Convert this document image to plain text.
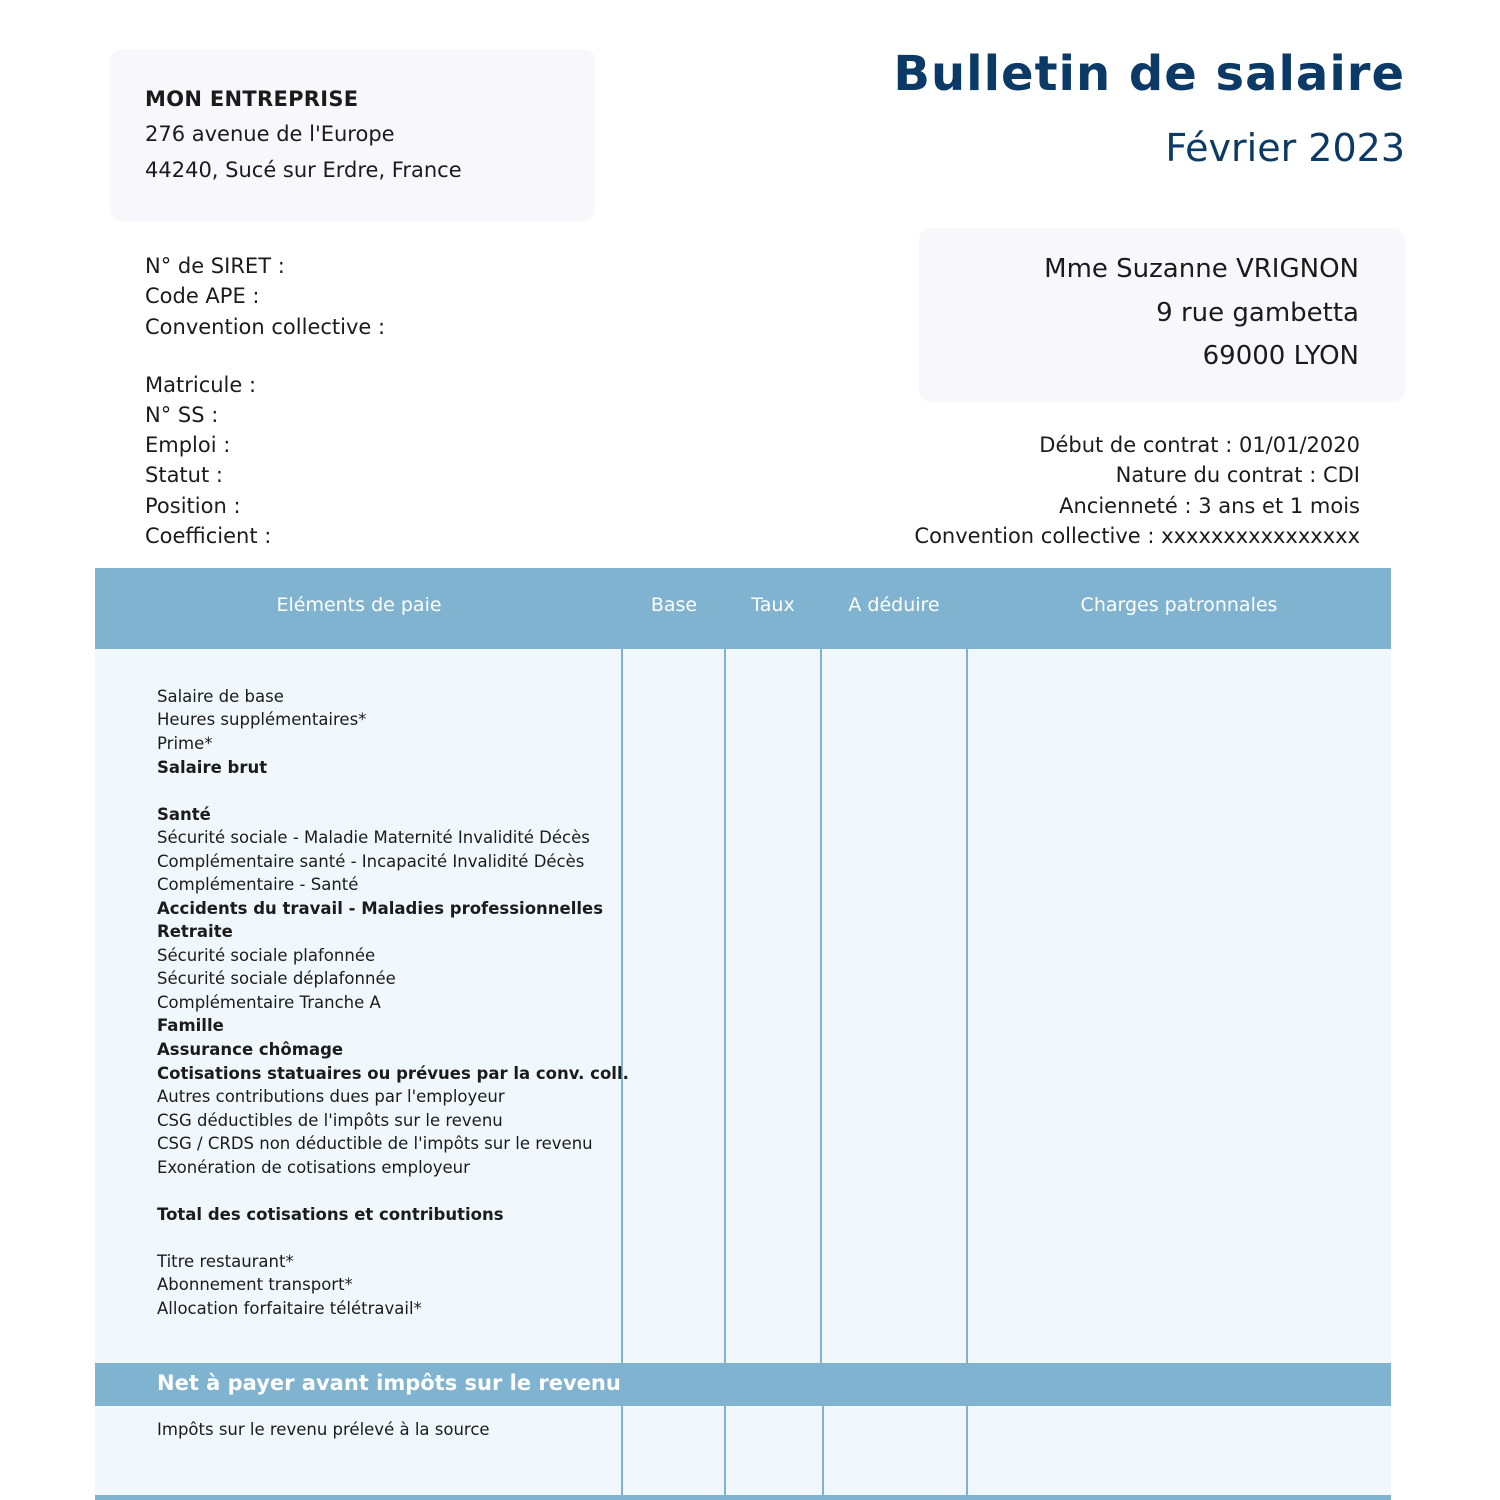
MON ENTREPRISE
276 avenue de l'Europe
44240, Sucé sur Erdre, France
Bulletin de salaire
Février 2023
N° de SIRET :
Code APE :
Convention collective :
Matricule :
N° SS :
Emploi :
Statut :
Position :
Coefficient :
Mme Suzanne VRIGNON
9 rue gambetta
69000 LYON
Début de contrat : 01/01/2020
Nature du contrat : CDI
Ancienneté : 3 ans et 1 mois
Convention collective : xxxxxxxxxxxxxxxx
Eléments de paie	Base	Taux	A déduire	Charges patronnales
Salaire de base
Heures supplémentaires*
Prime*
Salaire brut
Santé
Sécurité sociale - Maladie Maternité Invalidité Décès
Complémentaire santé - Incapacité Invalidité Décès
Complémentaire - Santé
Accidents du travail - Maladies professionnelles
Retraite
Sécurité sociale plafonnée
Sécurité sociale déplafonnée
Complémentaire Tranche A
Famille
Assurance chômage
Cotisations statuaires ou prévues par la conv. coll.
Autres contributions dues par l'employeur
CSG déductibles de l'impôts sur le revenu
CSG / CRDS non déductible de l'impôts sur le revenu
Exonération de cotisations employeur
Total des cotisations et contributions
Titre restaurant*
Abonnement transport*
Allocation forfaitaire télétravail*
Net à payer avant impôts sur le revenu
Impôts sur le revenu prélevé à la source
